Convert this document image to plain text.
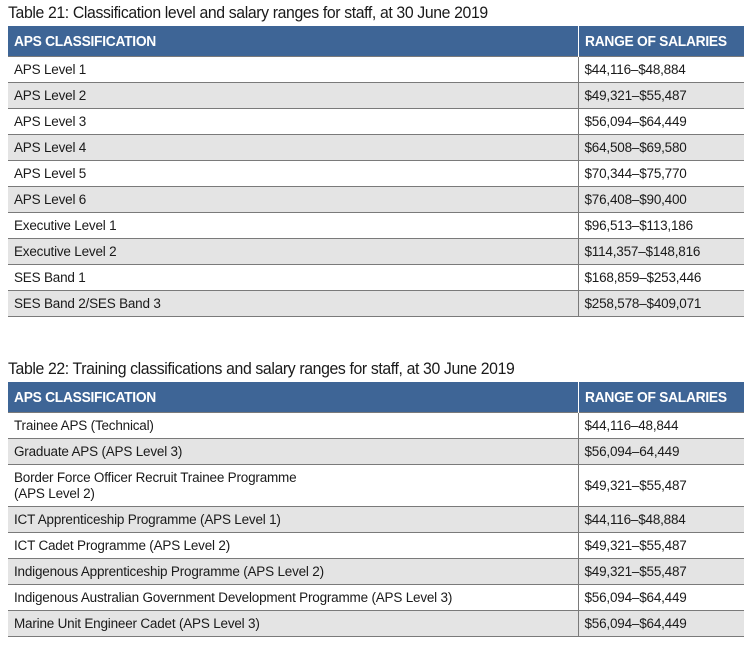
Table 21: Classification level and salary ranges for staff, at 30 June 2019
APS CLASSIFICATION	RANGE OF SALARIES

APS Level 1	$44,116–$48,884

APS Level 2	$49,321–$55,487

APS Level 3	$56,094–$64,449

APS Level 4	$64,508–$69,580

APS Level 5	$70,344–$75,770

APS Level 6	$76,408–$90,400

Executive Level 1	$96,513–$113,186

Executive Level 2	$114,357–$148,816

SES Band 1	$168,859–$253,446

SES Band 2/SES Band 3	$258,578–$409,071
Table 22: Training classifications and salary ranges for staff, at 30 June 2019
APS CLASSIFICATION	RANGE OF SALARIES

Trainee APS (Technical)	$44,116–48,844

Graduate APS (APS Level 3)	$56,094–64,449

Border Force Officer Recruit Trainee Programme
(APS Level 2)	$49,321–$55,487

ICT Apprenticeship Programme (APS Level 1)	$44,116–$48,884

ICT Cadet Programme (APS Level 2)	$49,321–$55,487

Indigenous Apprenticeship Programme (APS Level 2)	$49,321–$55,487

Indigenous Australian Government Development Programme (APS Level 3)	$56,094–$64,449

Marine Unit Engineer Cadet (APS Level 3)	$56,094–$64,449
